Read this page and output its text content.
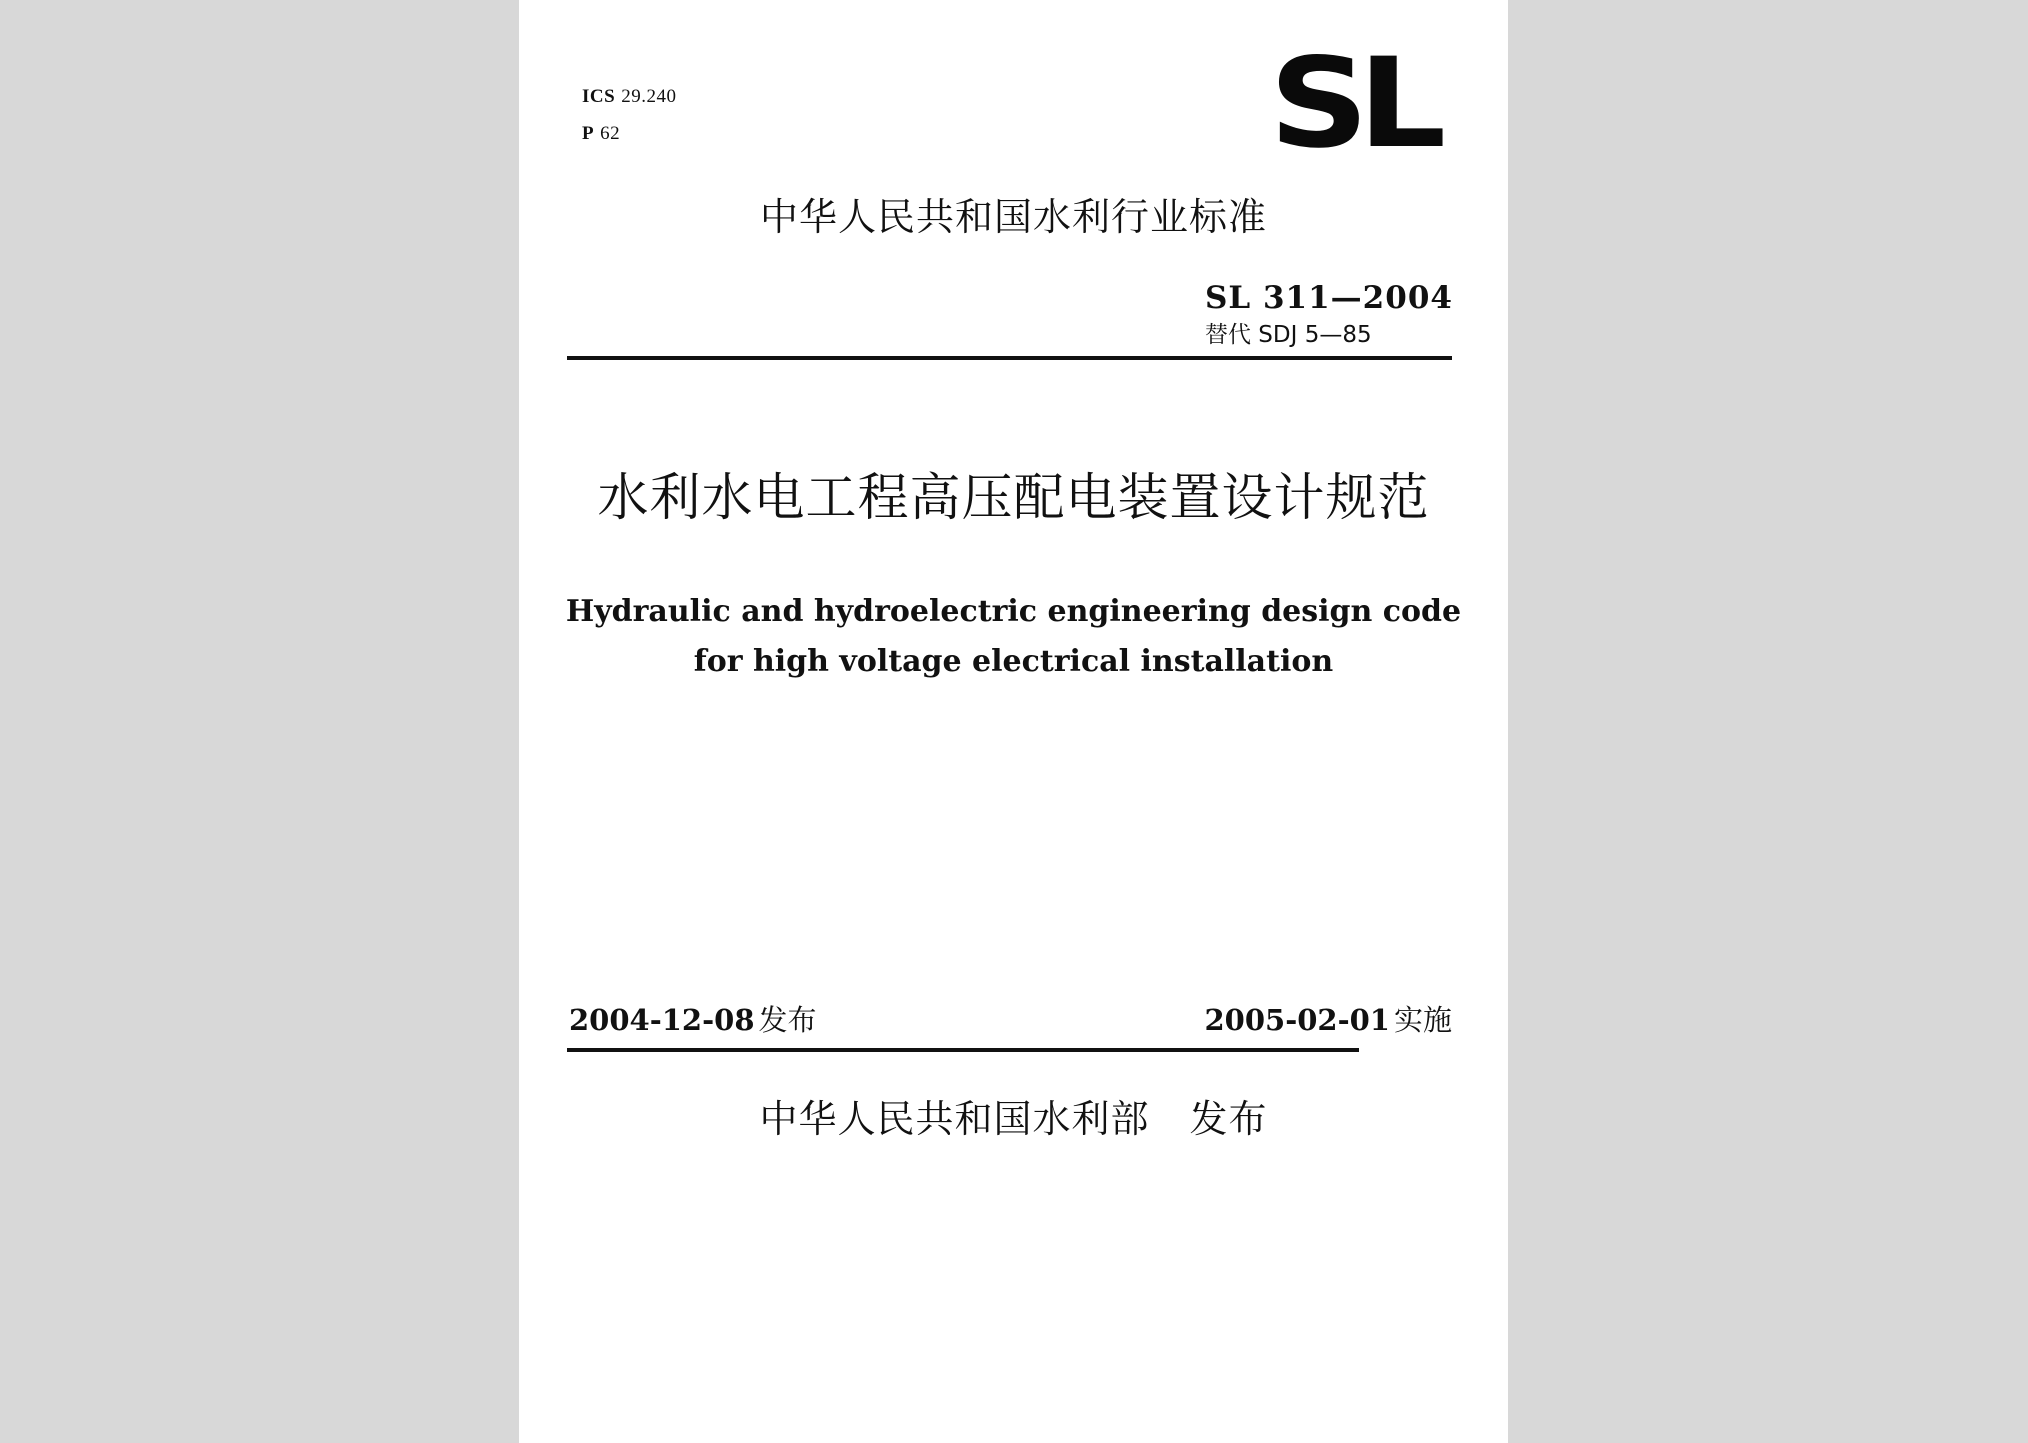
ICS 29.240
P 62	SL
中华人民共和国水利行业标准
SL 311—2004
替代 SDJ 5—85
水利水电工程高压配电装置设计规范
Hydraulic and hydroelectric engineering design code
for high voltage electrical installation
2004-12-08 发布	2005-02-01 实施
中华人民共和国水利部 发布
